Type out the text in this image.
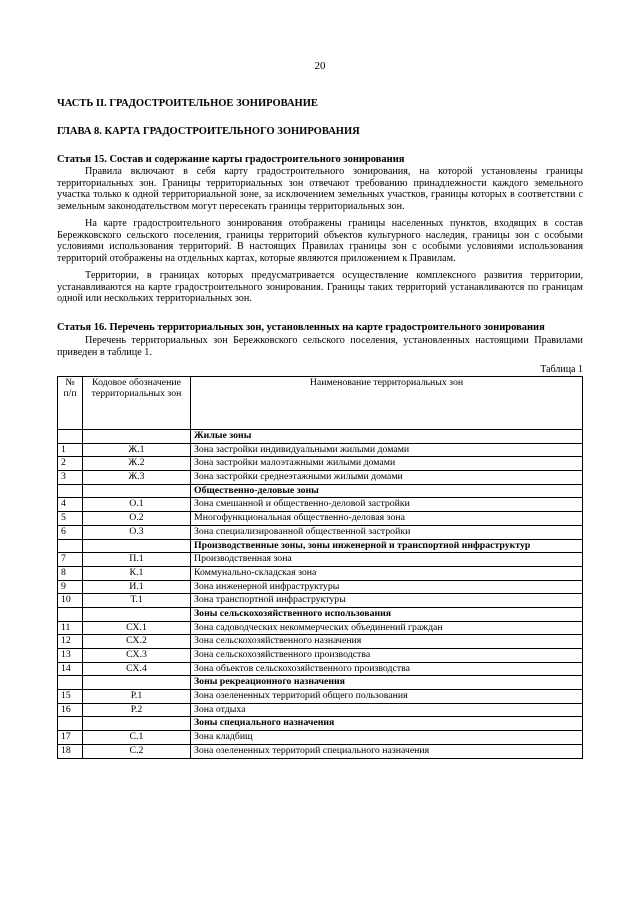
20
ЧАСТЬ II. ГРАДОСТРОИТЕЛЬНОЕ ЗОНИРОВАНИЕ
ГЛАВА 8. КАРТА ГРАДОСТРОИТЕЛЬНОГО ЗОНИРОВАНИЯ
Статья 15. Состав и содержание карты градостроительного зонирования

Правила включают в себя карту градостроительного зонирования, на которой установлены границы территориальных зон. Границы территориальных зон отвечают требованию принадлежности каждого земельного участка только к одной территориальной зоне, за исключением земельных участков, границы которых в соответствии с земельным законодательством могут пересекать границы территориальных зон.

На карте градостроительного зонирования отображены границы населенных пунктов, входящих в состав Бережковского сельского поселения, границы территорий объектов культурного наследия, границы зон с особыми условиями использования территорий. В настоящих Правилах границы зон с особыми условиями использования территорий отображены на отдельных картах, которые являются приложением к Правилам.

Территории, в границах которых предусматривается осуществление комплексного развития территории, устанавливаются на карте градостроительного зонирования. Границы таких территорий устанавливаются по границам одной или нескольких территориальных зон.

Статья 16. Перечень территориальных зон, установленных на карте градостроительного зонирования

Перечень территориальных зон Бережковского сельского поселения, установленных настоящими Правилами приведен в таблице 1.

Таблица 1
№ п/п	Кодовое обозначение территориальных зон	Наименование территориальных зон
		Жилые зоны
1	Ж.1	Зона застройки индивидуальными жилыми домами
2	Ж.2	Зона застройки малоэтажными жилыми домами
3	Ж.3	Зона застройки среднеэтажными жилыми домами
		Общественно-деловые зоны
4	О.1	Зона смешанной и общественно-деловой застройки
5	О.2	Многофункциональная общественно-деловая зона
6	О.3	Зона специализированной общественной застройки
		Производственные зоны, зоны инженерной и транспортной инфраструктур
7	П.1	Производственная зона
8	К.1	Коммунально-складская зона
9	И.1	Зона инженерной инфраструктуры
10	Т.1	Зона транспортной инфраструктуры
		Зоны сельскохозяйственного использования
11	СХ.1	Зона садоводческих некоммерческих объединений граждан
12	СХ.2	Зона сельскохозяйственного назначения
13	СХ.3	Зона сельскохозяйственного производства
14	СХ.4	Зона объектов сельскохозяйственного производства
		Зоны рекреационного назначения
15	Р.1	Зона озелененных территорий общего пользования
16	Р.2	Зона отдыха
		Зоны специального назначения
17	С.1	Зона кладбищ
18	С.2	Зона озелененных территорий специального назначения
